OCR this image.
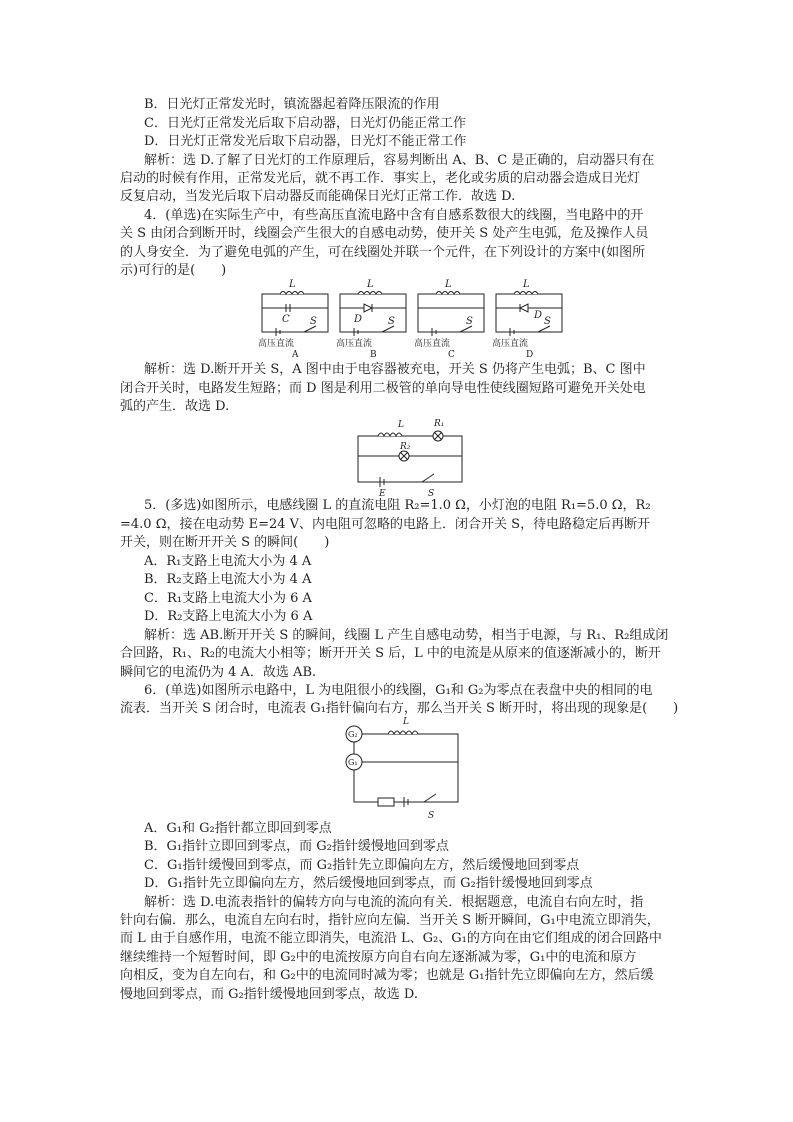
B．日光灯正常发光时，镇流器起着降压限流的作用
C．日光灯正常发光后取下启动器，日光灯仍能正常工作
D．日光灯正常发光后取下启动器，日光灯不能正常工作
解析：选 D.了解了日光灯的工作原理后，容易判断出 A、B、C 是正确的，启动器只有在
启动的时候有作用，正常发光后，就不再工作．事实上，老化或劣质的启动器会造成日光灯
反复启动，当发光后取下启动器反而能确保日光灯正常工作．故选 D.
4．(单选)在实际生产中，有些高压直流电路中含有自感系数很大的线圈，当电路中的开
关 S 由闭合到断开时，线圈会产生很大的自感电动势，使开关 S 处产生电弧，危及操作人员
的人身安全．为了避免电弧的产生，可在线圈处并联一个元件，在下列设计的方案中(如图所
示)可行的是(　　)
L	L	L	L
C	D	D
S	S	S	S
高压直流	高压直流	高压直流	高压直流
A	B	C	D
解析：选 D.断开开关 S，A 图中由于电容器被充电，开关 S 仍将产生电弧；B、C 图中
闭合开关时，电路发生短路；而 D 图是利用二极管的单向导电性使线圈短路可避免开关处电
弧的产生．故选 D.
L	R₁
R₂
E	S
5．(多选)如图所示，电感线圈 L 的直流电阻 R₂=1.0 Ω，小灯泡的电阻 R₁=5.0 Ω，R₂
=4.0 Ω，接在电动势 E=24 V、内电阻可忽略的电路上．闭合开关 S，待电路稳定后再断开
开关，则在断开开关 S 的瞬间(　　)
A．R₁支路上电流大小为 4 A
B．R₂支路上电流大小为 4 A
C．R₁支路上电流大小为 6 A
D．R₂支路上电流大小为 6 A
解析：选 AB.断开开关 S 的瞬间，线圈 L 产生自感电动势，相当于电源，与 R₁、R₂组成闭
合回路，R₁、R₂的电流大小相等；断开开关 S 后，L 中的电流是从原来的值逐渐减小的，断开
瞬间它的电流仍为 4 A．故选 AB.
6．(单选)如图所示电路中，L 为电阻很小的线圈，G₁和 G₂为零点在表盘中央的相同的电
流表．当开关 S 闭合时，电流表 G₁指针偏向右方，那么当开关 S 断开时，将出现的现象是(　　)
G₂
G₁
L
S
A．G₁和 G₂指针都立即回到零点
B．G₁指针立即回到零点，而 G₂指针缓慢地回到零点
C．G₁指针缓慢回到零点，而 G₂指针先立即偏向左方，然后缓慢地回到零点
D．G₁指针先立即偏向左方，然后缓慢地回到零点，而 G₂指针缓慢地回到零点
解析：选 D.电流表指针的偏转方向与电流的流向有关．根据题意，电流自右向左时，指
针向右偏．那么，电流自左向右时，指针应向左偏．当开关 S 断开瞬间，G₁中电流立即消失，
而 L 由于自感作用，电流不能立即消失，电流沿 L、G₂、G₁的方向在由它们组成的闭合回路中
继续维持一个短暂时间，即 G₂中的电流按原方向自右向左逐渐减为零，G₁中的电流和原方
向相反，变为自左向右，和 G₂中的电流同时减为零；也就是 G₁指针先立即偏向左方，然后缓
慢地回到零点，而 G₂指针缓慢地回到零点，故选 D.
